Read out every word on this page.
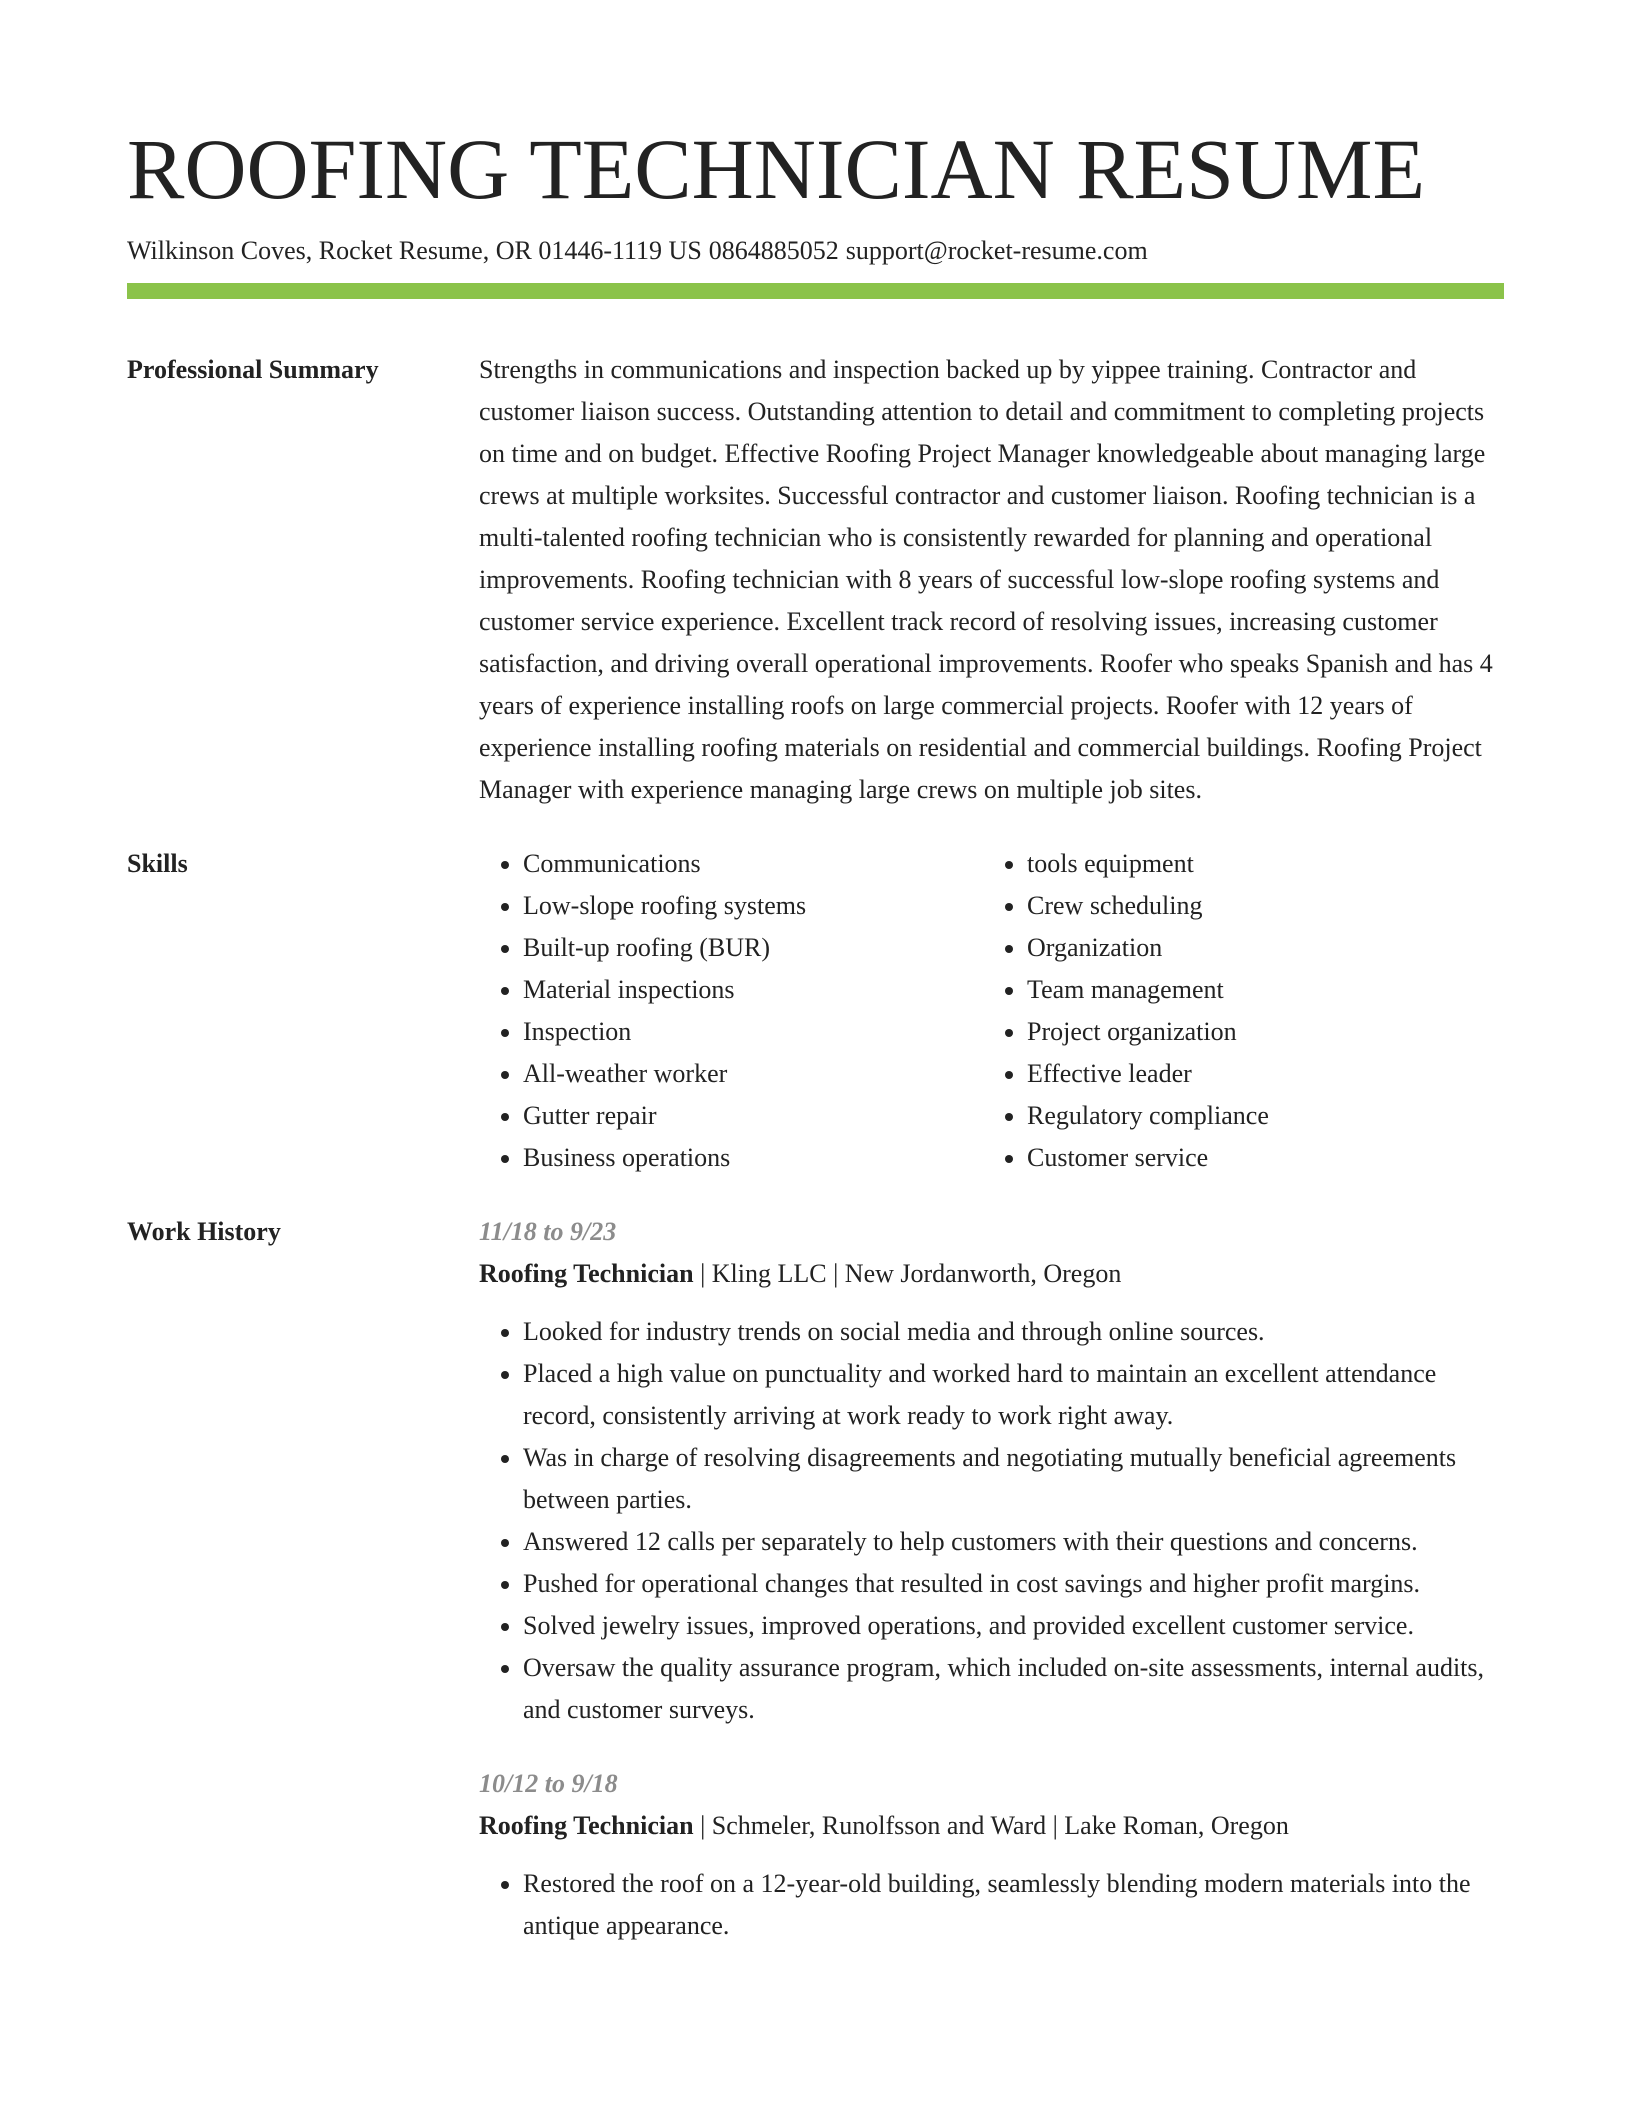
ROOFING TECHNICIAN RESUME
Wilkinson Coves, Rocket Resume, OR 01446-1119 US 0864885052 support@rocket-resume.com
Professional Summary	Strengths in communications and inspection backed up by yippee training. Contractor and customer liaison success. Outstanding attention to detail and commitment to completing projects on time and on budget. Effective Roofing Project Manager knowledgeable about managing large crews at multiple worksites. Successful contractor and customer liaison. Roofing technician is a multi-talented roofing technician who is consistently rewarded for planning and operational improvements. Roofing technician with 8 years of successful low-slope roofing systems and customer service experience. Excellent track record of resolving issues, increasing customer satisfaction, and driving overall operational improvements. Roofer who speaks Spanish and has 4 years of experience installing roofs on large commercial projects. Roofer with 12 years of experience installing roofing materials on residential and commercial buildings. Roofing Project Manager with experience managing large crews on multiple job sites.
Skills
•	Communications
• Low-slope roofing systems
• Built-up roofing (BUR)
• Material inspections
• Inspection
• All-weather worker
• Gutter repair
• Business operations
• tools equipment
• Crew scheduling
• Organization
• Team management
• Project organization
• Effective leader
• Regulatory compliance
• Customer service
Work History	11/18 to 9/23
Roofing Technician | Kling LLC | New Jordanworth, Oregon
• Looked for industry trends on social media and through online sources.
• Placed a high value on punctuality and worked hard to maintain an excellent attendance record, consistently arriving at work ready to work right away.
• Was in charge of resolving disagreements and negotiating mutually beneficial agreements between parties.
• Answered 12 calls per separately to help customers with their questions and concerns.
• Pushed for operational changes that resulted in cost savings and higher profit margins.
• Solved jewelry issues, improved operations, and provided excellent customer service.
• Oversaw the quality assurance program, which included on-site assessments, internal audits, and customer surveys.
10/12 to 9/18
Roofing Technician | Schmeler, Runolfsson and Ward | Lake Roman, Oregon
• Restored the roof on a 12-year-old building, seamlessly blending modern materials into the antique appearance.
